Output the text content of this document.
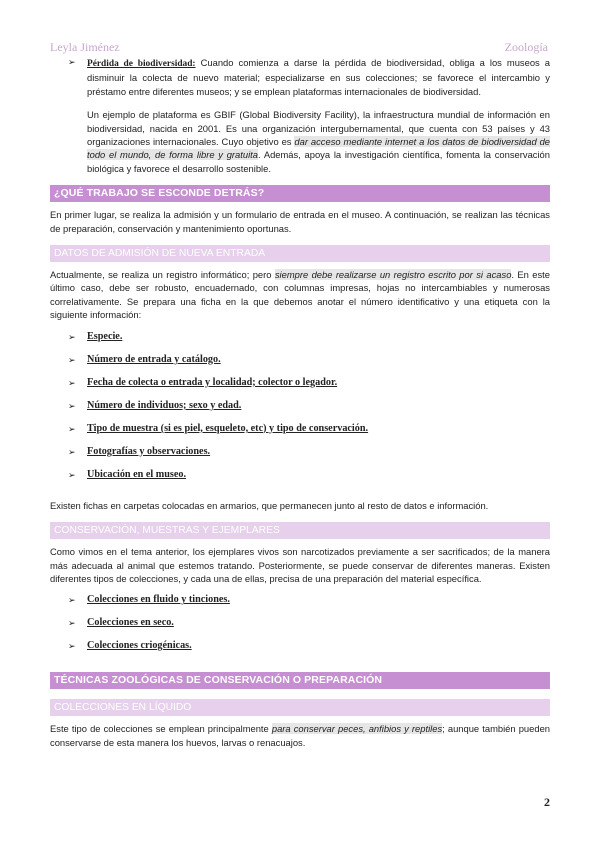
Leyla Jiménez	Zoología
➢	Pérdida de biodiversidad: Cuando comienza a darse la pérdida de biodiversidad, obliga a los museos a disminuir la colecta de nuevo material; especializarse en sus colecciones; se favorece el intercambio y préstamo entre diferentes museos; y se emplean plataformas internacionales de biodiversidad.

Un ejemplo de plataforma es GBIF (Global Biodiversity Facility), la infraestructura mundial de información en biodiversidad, nacida en 2001. Es una organización intergubernamental, que cuenta con 53 países y 43 organizaciones internacionales. Cuyo objetivo es dar acceso mediante internet a los datos de biodiversidad de todo el mundo, de forma libre y gratuita. Además, apoya la investigación científica, fomenta la conservación biológica y favorece el desarrollo sostenible.

¿QUÉ TRABAJO SE ESCONDE DETRÁS?

En primer lugar, se realiza la admisión y un formulario de entrada en el museo. A continuación, se realizan las técnicas de preparación, conservación y mantenimiento oportunas.

DATOS DE ADMISIÓN DE NUEVA ENTRADA

Actualmente, se realiza un registro informático; pero siempre debe realizarse un registro escrito por si acaso. En este último caso, debe ser robusto, encuadernado, con columnas impresas, hojas no intercambiables y numerosas correlativamente. Se prepara una ficha en la que debemos anotar el número identificativo y una etiqueta con la siguiente información:

➢	Especie.
➢	Número de entrada y catálogo.
➢	Fecha de colecta o entrada y localidad; colector o legador.
➢	Número de individuos; sexo y edad.
➢	Tipo de muestra (si es piel, esqueleto, etc) y tipo de conservación.
➢	Fotografías y observaciones.
➢	Ubicación en el museo.

Existen fichas en carpetas colocadas en armarios, que permanecen junto al resto de datos e información.

CONSERVACIÓN, MUESTRAS Y EJEMPLARES

Como vimos en el tema anterior, los ejemplares vivos son narcotizados previamente a ser sacrificados; de la manera más adecuada al animal que estemos tratando. Posteriormente, se puede conservar de diferentes maneras. Existen diferentes tipos de colecciones, y cada una de ellas, precisa de una preparación del material específica.

➢	Colecciones en fluido y tinciones.
➢	Colecciones en seco.
➢	Colecciones criogénicas.
TÉCNICAS ZOOLÓGICAS DE CONSERVACIÓN O PREPARACIÓN
COLECCIONES EN LÍQUIDO

Este tipo de colecciones se emplean principalmente para conservar peces, anfibios y reptiles; aunque también pueden conservarse de esta manera los huevos, larvas o renacuajos.

2
